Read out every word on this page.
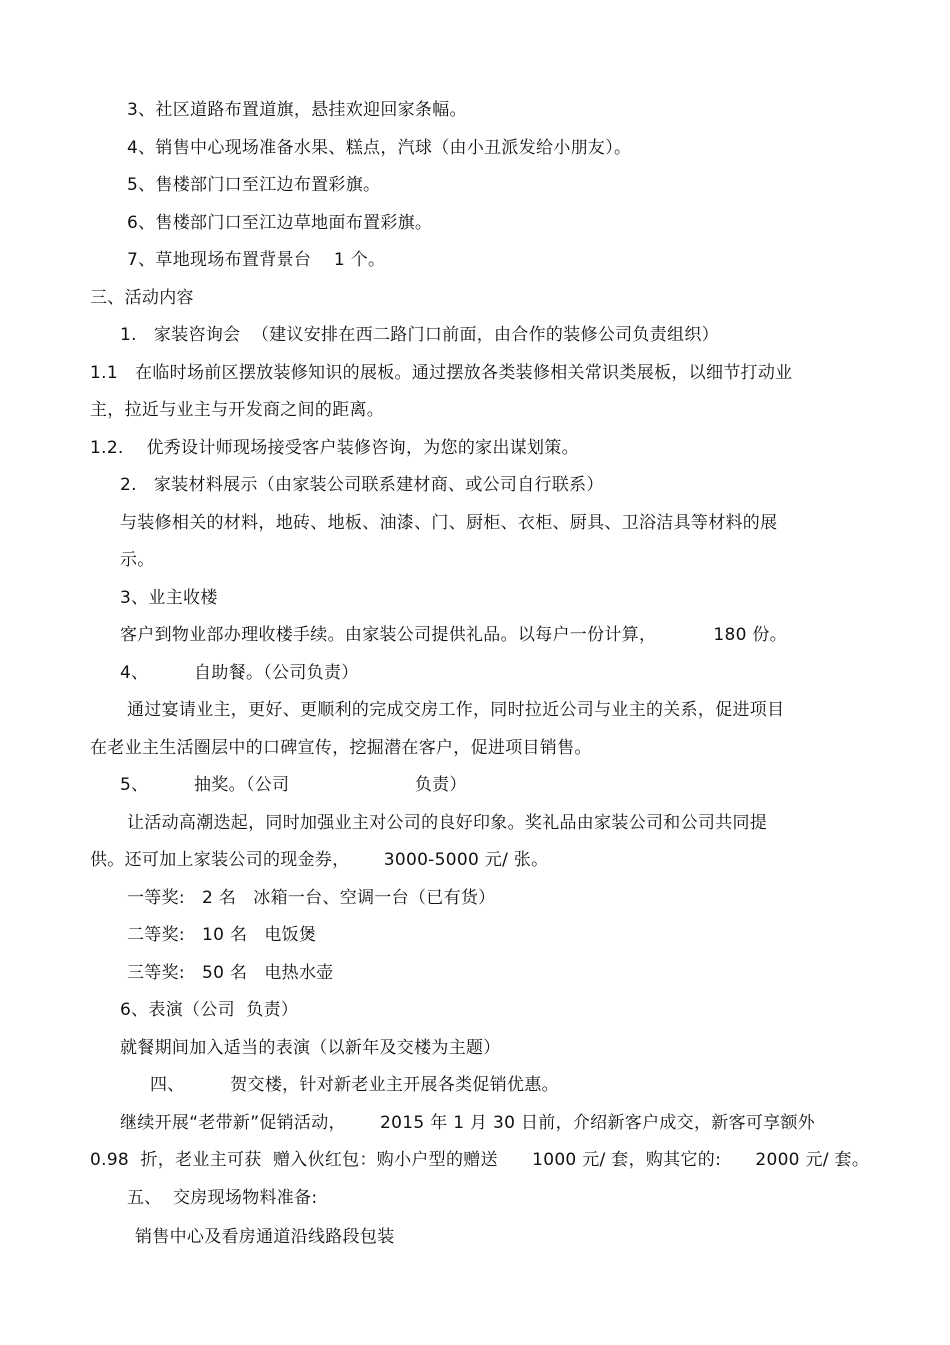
3、社区道路布置道旗，悬挂欢迎回家条幅。
4、销售中心现场准备水果、糕点，汽球（由小丑派发给小朋友）。
5、售楼部门口至江边布置彩旗。
6、售楼部门口至江边草地面布置彩旗。
7、草地现场布置背景台    1 个。
三、活动内容
1.   家装咨询会  （建议安排在西二路门口前面，由合作的装修公司负责组织）
1.1   在临时场前区摆放装修知识的展板。通过摆放各类装修相关常识类展板，以细节打动业
主，拉近与业主与开发商之间的距离。
1.2.    优秀设计师现场接受客户装修咨询，为您的家出谋划策。
2.   家装材料展示（由家装公司联系建材商、或公司自行联系）
与装修相关的材料，地砖、地板、油漆、门、厨柜、衣柜、厨具、卫浴洁具等材料的展
示。
3、业主收楼
客户到物业部办理收楼手续。由家装公司提供礼品。以每户一份计算，          180 份。
4、        自助餐。（公司负责）
通过宴请业主，更好、更顺利的完成交房工作，同时拉近公司与业主的关系，促进项目
在老业主生活圈层中的口碑宣传，挖掘潜在客户，促进项目销售。
5、        抽奖。（公司                      负责）
让活动高潮迭起，同时加强业主对公司的良好印象。奖礼品由家装公司和公司共同提
供。还可加上家装公司的现金券，      3000-5000 元/ 张。
一等奖:   2 名   冰箱一台、空调一台（已有货）
二等奖:   10 名   电饭煲
三等奖:   50 名   电热水壶
6、表演（公司  负责）
就餐期间加入适当的表演（以新年及交楼为主题）
四、        贺交楼，针对新老业主开展各类促销优惠。
继续开展“老带新”促销活动，      2015 年 1 月 30 日前，介绍新客户成交，新客可享额外
0.98  折，老业主可获  赠入伙红包：购小户型的赠送      1000 元/ 套，购其它的:      2000 元/ 套。
五、  交房现场物料准备:
销售中心及看房通道沿线路段包装
